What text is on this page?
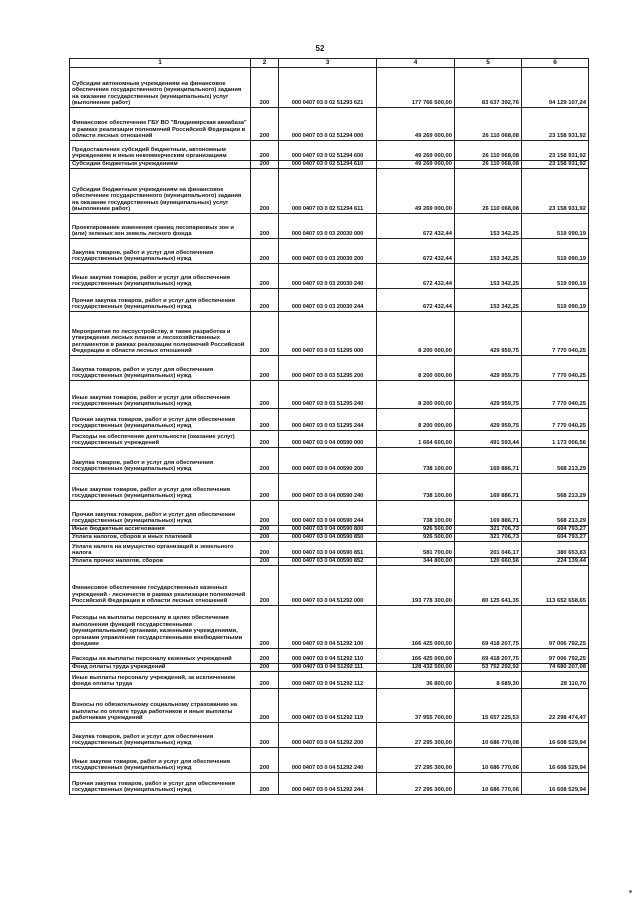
52
1	2	3	4	5	6
Субсидии автономным учреждениям на финансовое обеспечение государственного (муниципального) задания на оказание государственных (муниципальных) услуг (выполнение работ)	200	000 0407 03 0 02 51293 621	177 766 500,00	83 637 392,76	94 129 107,24
Финансовое обеспечение ГБУ ВО "Владимирская авиабаза" в рамках реализации полномочий Российской Федерации в области лесных отношений	200	000 0407 03 0 02 51294 000	49 269 000,00	26 110 068,08	23 158 931,92
Предоставление субсидий бюджетным, автономным учреждениям и иным некоммерческим организациям	200	000 0407 03 0 02 51294 600	49 269 000,00	26 110 068,08	23 158 931,92
Субсидии бюджетным учреждениям	200	000 0407 03 0 02 51294 610	49 269 000,00	26 110 068,08	23 158 931,92
Субсидии бюджетным учреждениям на финансовое обеспечение государственного (муниципального) задания на оказание государственных (муниципальных) услуг (выполнение работ)	200	000 0407 03 0 02 51294 611	49 269 000,00	26 110 068,08	23 158 931,92
Проектирование изменения границ лесопарковых зон и (или) зеленых зон земель лесного фонда	200	000 0407 03 0 03 20030 000	672 432,44	153 342,25	519 090,19
Закупка товаров, работ и услуг для обеспечения государственных (муниципальных) нужд	200	000 0407 03 0 03 20030 200	672 432,44	153 342,25	519 090,19
Иные закупки товаров, работ и услуг для обеспечения государственных (муниципальных) нужд	200	000 0407 03 0 03 20030 240	672 432,44	153 342,25	519 090,19
Прочая закупка товаров, работ и услуг для обеспечения государственных (муниципальных) нужд	200	000 0407 03 0 03 20030 244	672 432,44	153 342,25	519 090,19
Мероприятия по лесоустройству, в также разработка и утверждение лесных планов и лесохозяйственных регламентов в рамках реализации полномочий Российской Федерации в области лесных отношений	200	000 0407 03 0 03 51295 000	8 200 000,00	429 959,75	7 770 040,25
Закупка товаров, работ и услуг для обеспечения государственных (муниципальных) нужд	200	000 0407 03 0 03 51295 200	8 200 000,00	429 959,75	7 770 040,25
Иные закупки товаров, работ и услуг для обеспечения государственных (муниципальных) нужд	200	000 0407 03 0 03 51295 240	8 200 000,00	429 959,75	7 770 040,25
Прочая закупка товаров, работ и услуг для обеспечения государственных (муниципальных) нужд	200	000 0407 03 0 03 51295 244	8 200 000,00	429 959,75	7 770 040,25
Расходы на обеспечение деятельности (оказание услуг) государственных учреждений	200	000 0407 03 0 04 00590 000	1 664 600,00	491 593,44	1 173 006,56
Закупка товаров, работ и услуг для обеспечения государственных (муниципальных) нужд	200	000 0407 03 0 04 00590 200	738 100,00	169 886,71	568 213,29
Иные закупки товаров, работ и услуг для обеспечения государственных (муниципальных) нужд	200	000 0407 03 0 04 00590 240	738 100,00	169 886,71	568 213,29
Прочая закупка товаров, работ и услуг для обеспечения государственных (муниципальных) нужд	200	000 0407 03 0 04 00590 244	738 100,00	169 886,71	568 213,29
Иные бюджетные ассигнования	200	000 0407 03 0 04 00590 800	926 500,00	321 706,73	604 793,27
Уплата налогов, сборов и иных платежей	200	000 0407 03 0 04 00590 850	926 500,00	321 706,73	604 793,27
Уплата налога на имущество организаций и земельного налога	200	000 0407 03 0 04 00590 851	581 700,00	201 046,17	380 653,83
Уплата прочих налогов, сборов	200	000 0407 03 0 04 00590 852	344 800,00	120 660,56	224 139,44
Финансовое обеспечение государственных казенных учреждений - лесничеств в рамках реализации полномочий Российской Федерации в области лесных отношений	200	000 0407 03 0 04 51292 000	193 778 300,00	80 125 641,35	113 652 658,65
Расходы на выплаты персоналу в целях обеспечения выполнения функций государственными (муниципальными) органами, казенными учреждениями, органами управления государственными внебюджетными фондами	200	000 0407 03 0 04 51292 100	166 425 000,00	69 418 207,75	97 006 792,25
Расходы на выплаты персоналу казенных учреждений	200	000 0407 03 0 04 51292 110	166 425 000,00	69 418 207,75	97 006 792,25
Фонд оплаты труда учреждений	200	000 0407 03 0 04 51292 111	128 432 500,00	53 752 292,92	74 680 207,08
Иные выплаты персоналу учреждений, за исключением фонда оплаты труда	200	000 0407 03 0 04 51292 112	36 800,00	8 689,30	28 110,70
Взносы по обязательному социальному страхованию на выплаты по оплате труда работников и иные выплаты работникам учреждений	200	000 0407 03 0 04 51292 119	37 955 700,00	15 657 225,53	22 298 474,47
Закупка товаров, работ и услуг для обеспечения государственных (муниципальных) нужд	200	000 0407 03 0 04 51292 200	27 295 300,00	10 686 770,08	16 608 529,94
Иные закупки товаров, работ и услуг для обеспечения государственных (муниципальных) нужд	200	000 0407 03 0 04 51292 240	27 295 300,00	10 686 770,06	16 608 529,94
Прочая закупка товаров, работ и услуг для обеспечения государственных (муниципальных) нужд	200	000 0407 03 0 04 51292 244	27 295 300,00	10 686 770,06	16 608 529,94
